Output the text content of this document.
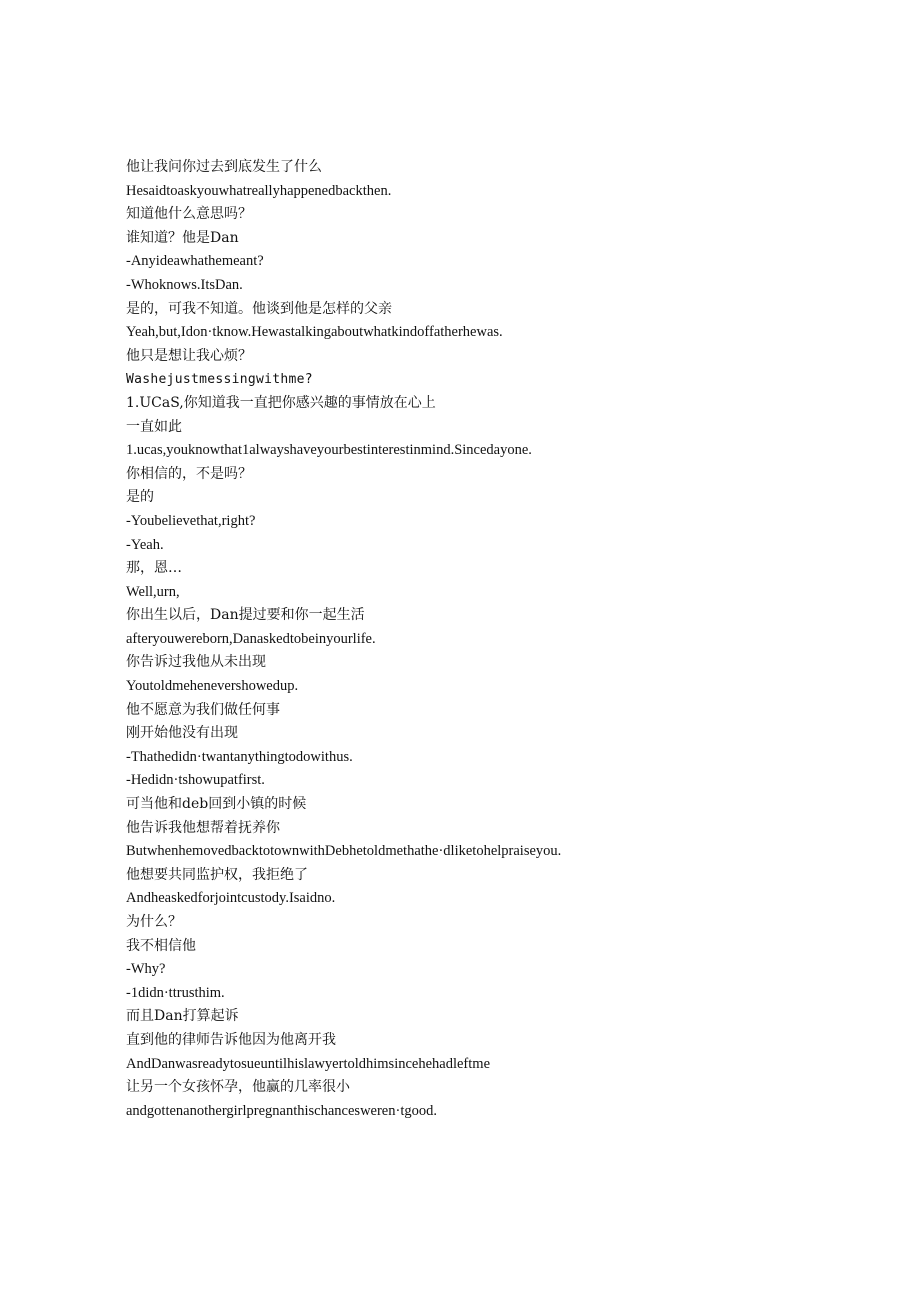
他让我问你过去到底发生了什么
Hesaidtoaskyouwhatreallyhappenedbackthen.
知道他什么意思吗？
谁知道？他是Dan
-Anyideawhathemeant?
-Whoknows.ItsDan.
是的，可我不知道。他谈到他是怎样的父亲
Yeah,but,Idon·tknow.Hewastalkingaboutwhatkindoffatherhewas.
他只是想让我心烦？
Washejustmessingwithme?
1.UCaS,你知道我一直把你感兴趣的事情放在心上
一直如此
1.ucas,youknowthat1alwayshaveyourbestinterestinmind.Sincedayone.
你相信的，不是吗？
是的
-Youbelievethat,right?
-Yeah.
那，恩…
Well,urn,
你出生以后，Dan提过要和你一起生活
afteryouwereborn,Danaskedtobeinyourlife.
你告诉过我他从未出现
Youtoldmehenevershowedup.
他不愿意为我们做任何事
刚开始他没有出现
-Thathedidn·twantanythingtodowithus.
-Hedidn·tshowupatfirst.
可当他和deb回到小镇的时候
他告诉我他想帮着抚养你
ButwhenhemovedbacktotownwithDebhetoldmethathe·dliketohelpraiseyou.
他想要共同监护权，我拒绝了
Andheaskedforjointcustody.Isaidno.
为什么？
我不相信他
-Why?
-1didn·ttrusthim.
而且Dan打算起诉
直到他的律师告诉他因为他离开我
AndDanwasreadytosueuntilhislawyertoldhimsincehehadleftme
让另一个女孩怀孕，他赢的几率很小
andgottenanothergirlpregnanthischancesweren·tgood.
